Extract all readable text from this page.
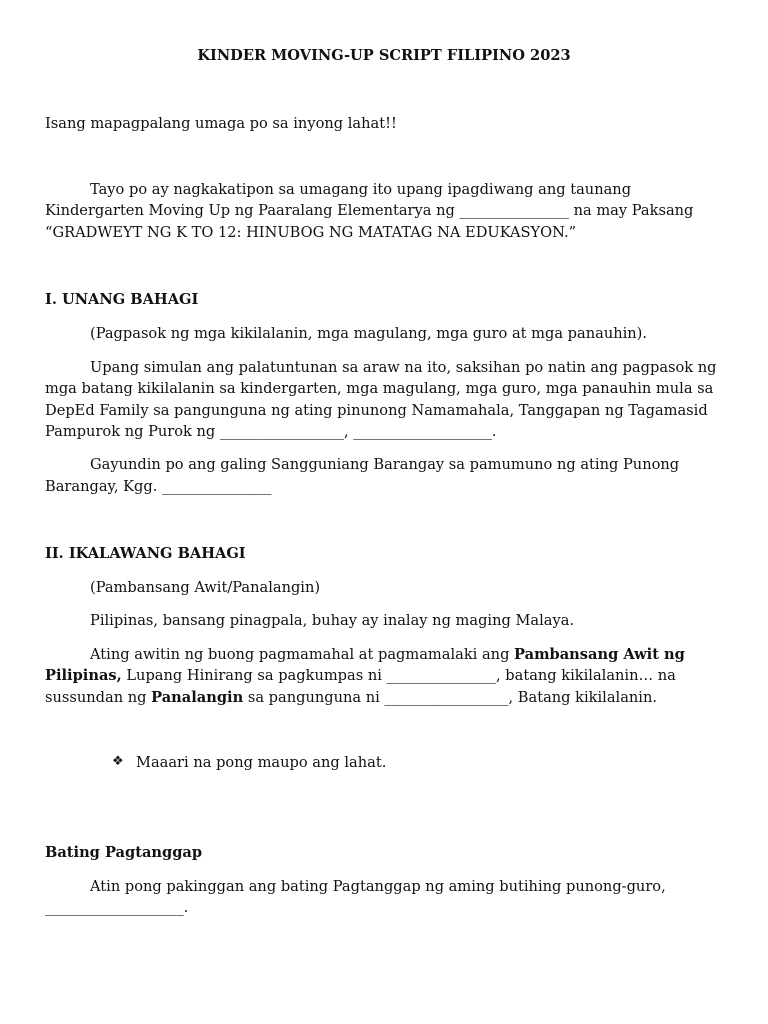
KINDER MOVING-UP SCRIPT FILIPINO 2023

Isang mapagpalang umaga po sa inyong lahat!!

Tayo po ay nagkakatipon sa umagang ito upang ipagdiwang ang taunang

Kindergarten Moving Up ng Paaralang Elementarya ng _______________ na may Paksang

“GRADWEYT NG K TO 12: HINUBOG NG MATATAG NA EDUKASYON.”

I. UNANG BAHAGI

(Pagpasok ng mga kikilalanin, mga magulang, mga guro at mga panauhin).

Upang simulan ang palatuntunan sa araw na ito, saksihan po natin ang pagpasok ng

mga batang kikilalanin sa kindergarten, mga magulang, mga guro, mga panauhin mula sa

DepEd Family sa pangunguna ng ating pinunong Namamahala, Tanggapan ng Tagamasid

Pampurok ng Purok ng _________________, ___________________.

Gayundin po ang galing Sangguniang Barangay sa pamumuno ng ating Punong

Barangay, Kgg. _______________

II. IKALAWANG BAHAGI

(Pambansang Awit/Panalangin)

Pilipinas, bansang pinagpala, buhay ay inalay ng maging Malaya.

Ating awitin ng buong pagmamahal at pagmamalaki ang Pambansang Awit ng

Pilipinas, Lupang Hinirang sa pagkumpas ni _______________, batang kikilalanin… na

sussundan ng Panalangin sa pangunguna ni _________________, Batang kikilalanin.

❖ Maaari na pong maupo ang lahat.

Bating Pagtanggap

Atin pong pakinggan ang bating Pagtanggap ng aming butihing punong-guro,

___________________.
